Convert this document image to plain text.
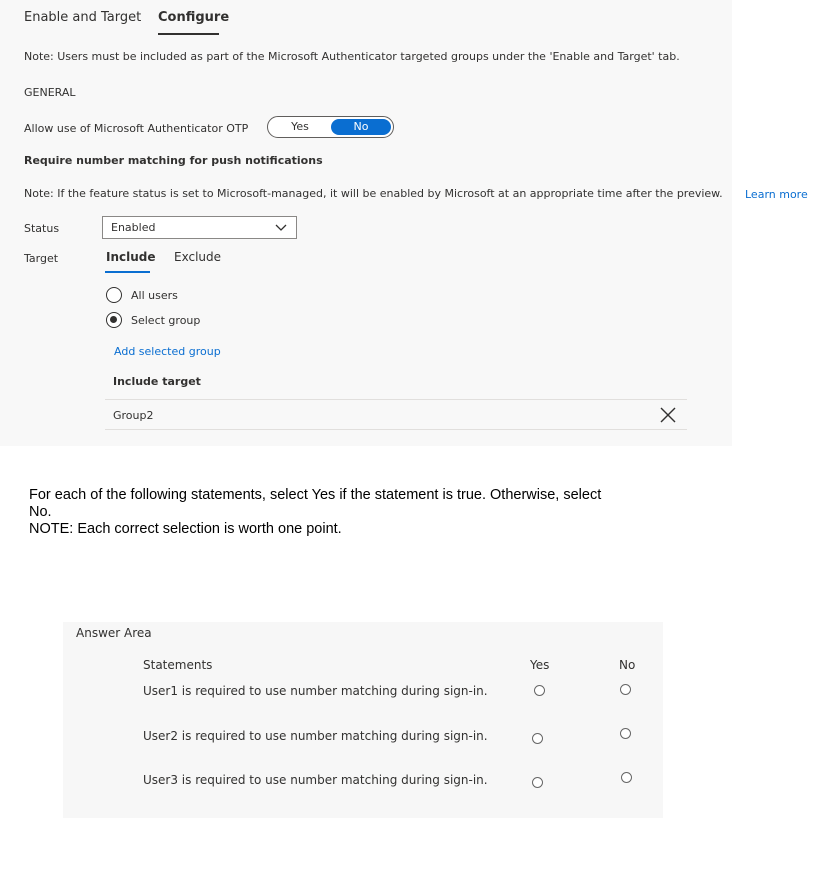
Enable and Target Configure
Note: Users must be included as part of the Microsoft Authenticator targeted groups under the 'Enable and Target' tab.
GENERAL
Allow use of Microsoft Authenticator OTP	Yes	No
Require number matching for push notifications
Note: If the feature status is set to Microsoft-managed, it will be enabled by Microsoft at an appropriate time after the preview. Learn more
Status	Enabled
Target	Include Exclude
All users
Select group
Add selected group
Include target
Group2
For each of the following statements, select Yes if the statement is true. Otherwise, select
No.
NOTE: Each correct selection is worth one point.
Answer Area
Statements	Yes	No
User1 is required to use number matching during sign-in.
User2 is required to use number matching during sign-in.
User3 is required to use number matching during sign-in.
